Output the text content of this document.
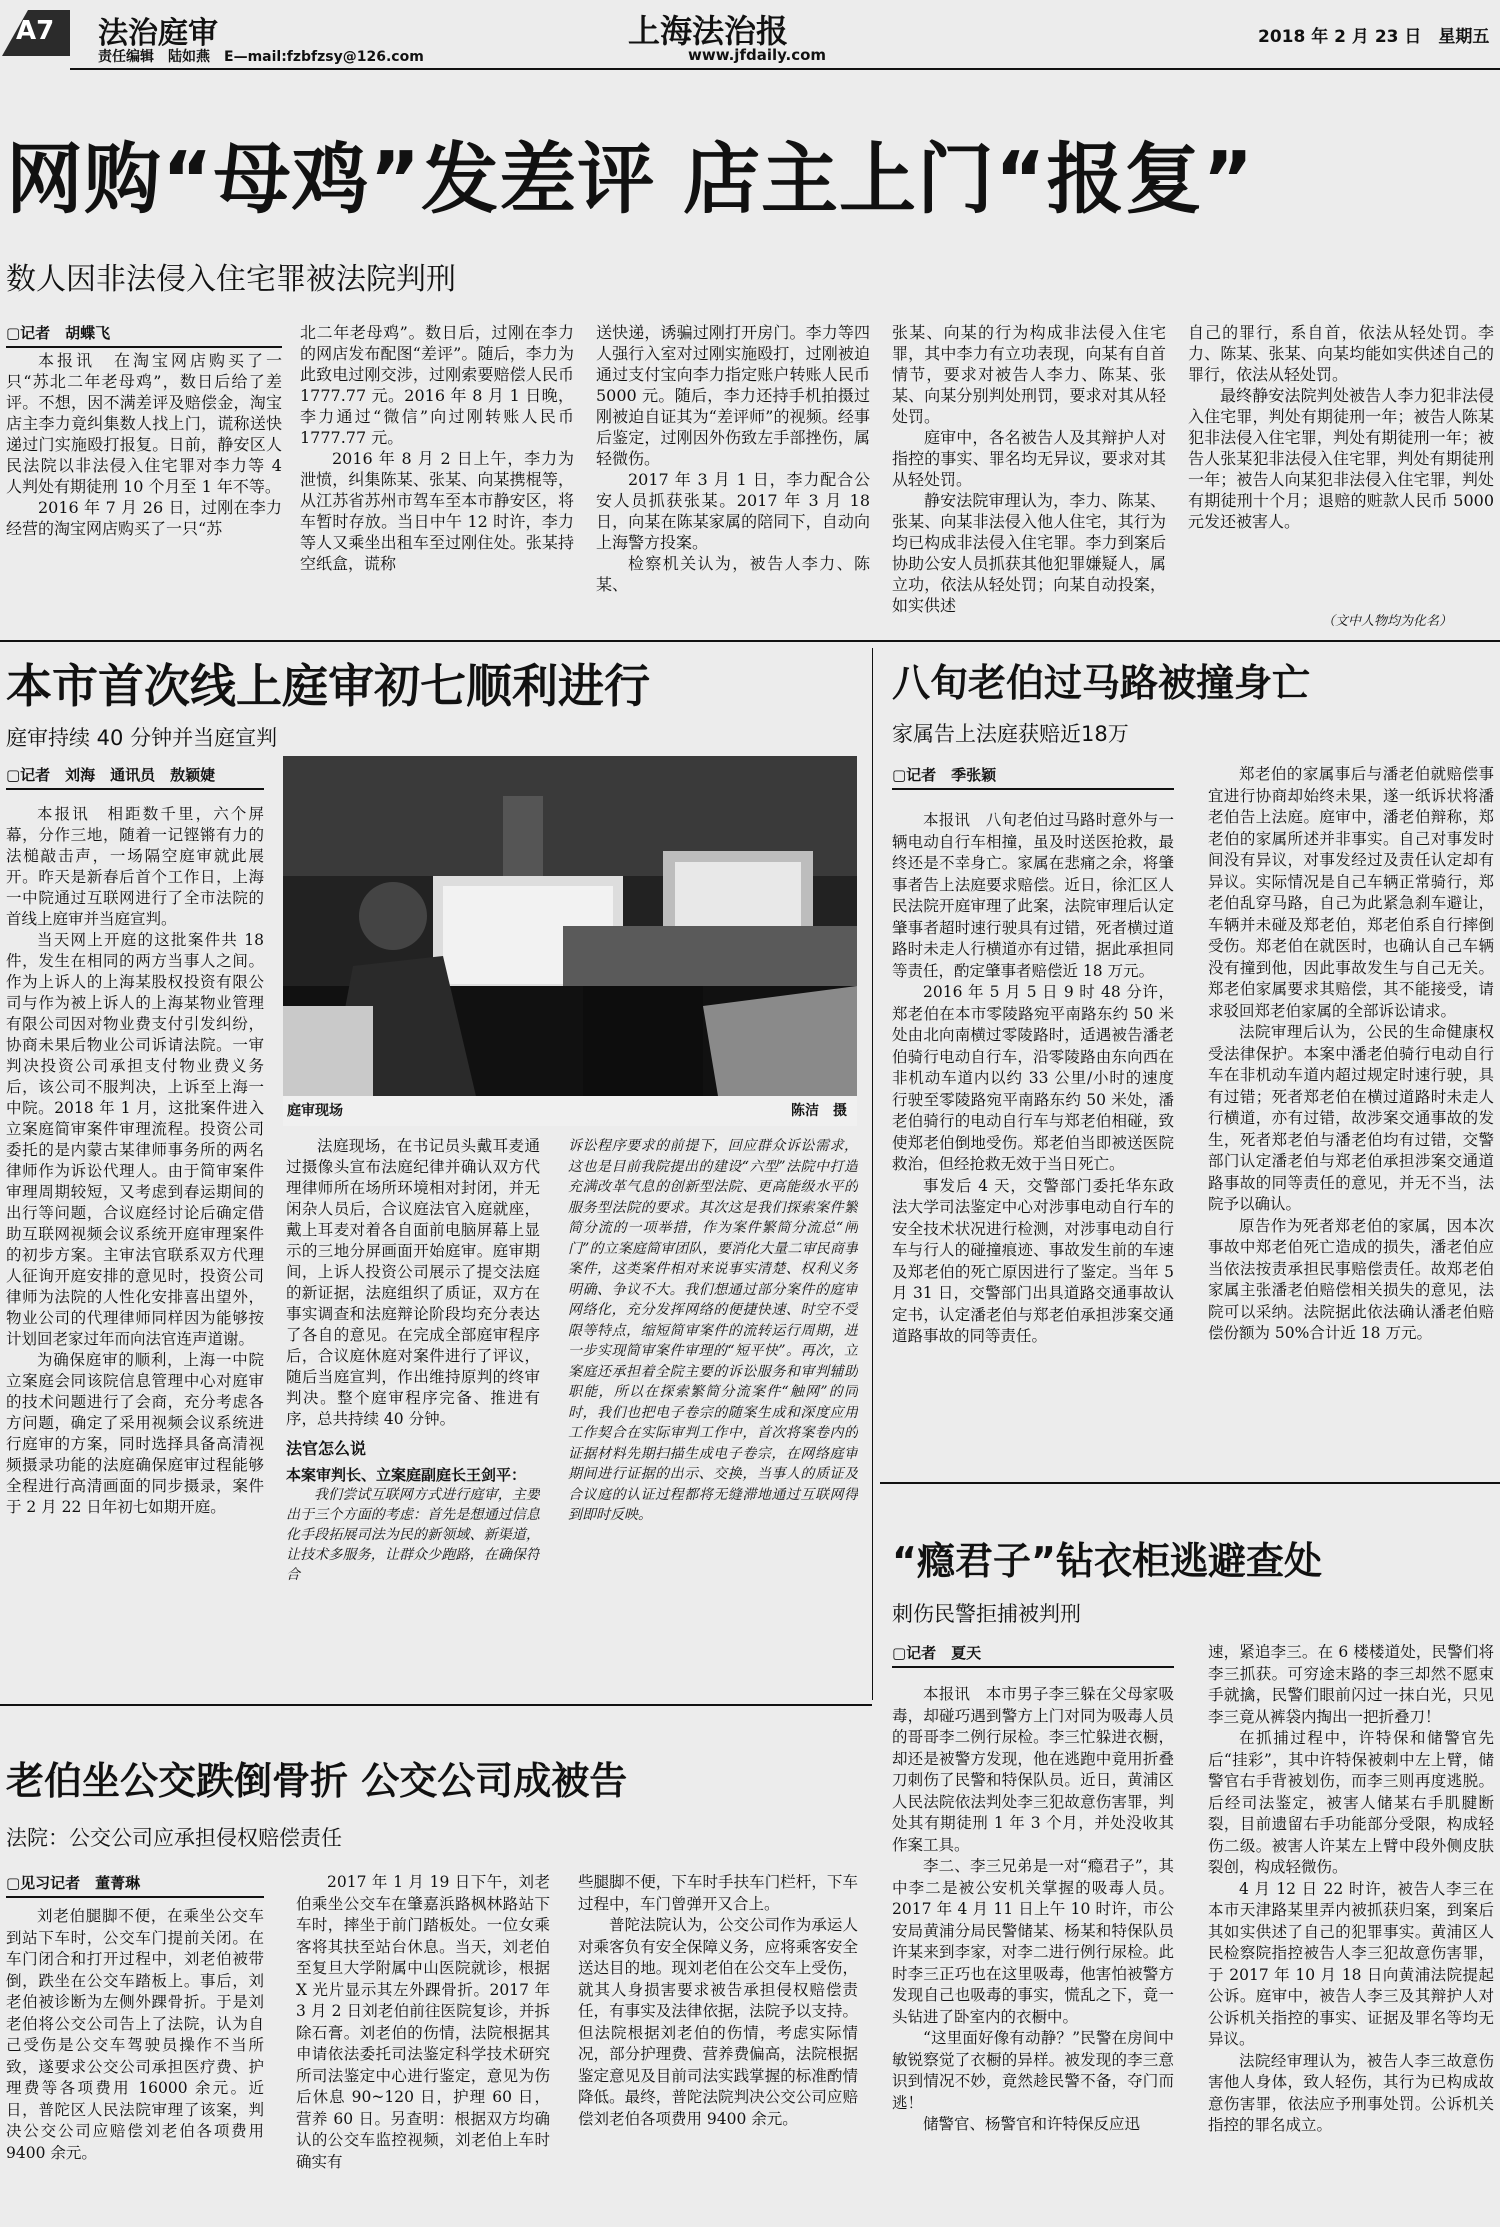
A7 法治庭审
责任编辑　陆如燕　E—mail:fzbfzsy@126.com
上海法治报
www.jfdaily.com
2018 年 2 月 23 日　星期五
网购“母鸡”发差评 店主上门“报复”
数人因非法侵入住宅罪被法院判刑
▢记者　胡蝶飞

本报讯　在淘宝网店购买了一只“苏北二年老母鸡”，数日后给了差评。不想，因不满差评及赔偿金，淘宝店主李力竟纠集数人找上门，谎称送快递过门实施殴打报复。日前，静安区人民法院以非法侵入住宅罪对李力等 4 人判处有期徒刑 10 个月至 1 年不等。

2016 年 7 月 26 日，过刚在李力经营的淘宝网店购买了一只“苏

北二年老母鸡”。数日后，过刚在李力的网店发布配图“差评”。随后，李力为此致电过刚交涉，过刚索要赔偿人民币 1777.77 元。2016 年 8 月 1 日晚，李力通过“微信”向过刚转账人民币 1777.77 元。

2016 年 8 月 2 日上午，李力为泄愤，纠集陈某、张某、向某携棍等，从江苏省苏州市驾车至本市静安区，将车暂时存放。当日中午 12 时许，李力等人又乘坐出租车至过刚住处。张某持空纸盒，谎称

送快递，诱骗过刚打开房门。李力等四人强行入室对过刚实施殴打，过刚被迫通过支付宝向李力指定账户转账人民币 5000 元。随后，李力还持手机拍摄过刚被迫自证其为“差评师”的视频。经事后鉴定，过刚因外伤致左手部挫伤，属轻微伤。

2017 年 3 月 1 日，李力配合公安人员抓获张某。2017 年 3 月 18 日，向某在陈某家属的陪同下，自动向上海警方投案。

检察机关认为，被告人李力、陈某、

张某、向某的行为构成非法侵入住宅罪，其中李力有立功表现，向某有自首情节，要求对被告人李力、陈某、张某、向某分别判处刑罚，要求对其从轻处罚。

庭审中，各名被告人及其辩护人对指控的事实、罪名均无异议，要求对其从轻处罚。

静安法院审理认为，李力、陈某、张某、向某非法侵入他人住宅，其行为均已构成非法侵入住宅罪。李力到案后协助公安人员抓获其他犯罪嫌疑人，属立功，依法从轻处罚；向某自动投案，如实供述

自己的罪行，系自首，依法从轻处罚。李力、陈某、张某、向某均能如实供述自己的罪行，依法从轻处罚。

最终静安法院判处被告人李力犯非法侵入住宅罪，判处有期徒刑一年；被告人陈某犯非法侵入住宅罪，判处有期徒刑一年；被告人张某犯非法侵入住宅罪，判处有期徒刑一年；被告人向某犯非法侵入住宅罪，判处有期徒刑十个月；退赔的赃款人民币 5000 元发还被害人。

（文中人物均为化名）
本市首次线上庭审初七顺利进行
庭审持续 40 分钟并当庭宣判
▢记者　刘海　通讯员　敖颖婕

本报讯　相距数千里，六个屏幕，分作三地，随着一记铿锵有力的法槌敲击声，一场隔空庭审就此展开。昨天是新春后首个工作日，上海一中院通过互联网进行了全市法院的首线上庭审并当庭宣判。

当天网上开庭的这批案件共 18 件，发生在相同的两方当事人之间。作为上诉人的上海某股权投资有限公司与作为被上诉人的上海某物业管理有限公司因对物业费支付引发纠纷，协商未果后物业公司诉请法院。一审判决投资公司承担支付物业费义务后，该公司不服判决，上诉至上海一中院。2018 年 1 月，这批案件进入立案庭简审案件审理流程。投资公司委托的是内蒙古某律师事务所的两名律师作为诉讼代理人。由于简审案件审理周期较短，又考虑到春运期间的出行等问题，合议庭经讨论后确定借助互联网视频会议系统开庭审理案件的初步方案。主审法官联系双方代理人征询开庭安排的意见时，投资公司律师为法院的人性化安排喜出望外，物业公司的代理律师同样因为能够按计划回老家过年而向法官连声道谢。

为确保庭审的顺利，上海一中院立案庭会同该院信息管理中心对庭审的技术问题进行了会商，充分考虑各方问题，确定了采用视频会议系统进行庭审的方案，同时选择具备高清视频摄录功能的法庭确保庭审过程能够全程进行高清画面的同步摄录，案件于 2 月 22 日年初七如期开庭。

庭审现场	陈洁　摄

法庭现场，在书记员头戴耳麦通过摄像头宣布法庭纪律并确认双方代理律师所在场所环境相对封闭，并无闲杂人员后，合议庭法官入庭就座，戴上耳麦对着各自面前电脑屏幕上显示的三地分屏画面开始庭审。庭审期间，上诉人投资公司展示了提交法庭的新证据，法庭组织了质证，双方在事实调查和法庭辩论阶段均充分表达了各自的意见。在完成全部庭审程序后，合议庭休庭对案件进行了评议，随后当庭宣判，作出维持原判的终审判决。整个庭审程序完备、推进有序，总共持续 40 分钟。

法官怎么说
本案审判长、立案庭副庭长王剑平：

我们尝试互联网方式进行庭审，主要出于三个方面的考虑：首先是想通过信息化手段拓展司法为民的新领域、新渠道，让技术多服务，让群众少跑路，在确保符合

诉讼程序要求的前提下，回应群众诉讼需求，这也是目前我院提出的建设“六型”法院中打造充满改革气息的创新型法院、更高能级水平的服务型法院的要求。其次这是我们探索案件繁简分流的一项举措，作为案件繁简分流总“闸门”的立案庭简审团队，要消化大量二审民商事案件，这类案件相对来说事实清楚、权利义务明确、争议不大。我们想通过部分案件的庭审网络化，充分发挥网络的便捷快速、时空不受限等特点，缩短简审案件的流转运行周期，进一步实现简审案件审理的“短平快”。再次，立案庭还承担着全院主要的诉讼服务和审判辅助职能，所以在探索繁简分流案件“触网”的同时，我们也把电子卷宗的随案生成和深度应用工作契合在实际审判工作中，首次将案卷内的证据材料先期扫描生成电子卷宗，在网络庭审期间进行证据的出示、交换，当事人的质证及合议庭的认证过程都将无缝滞地通过互联网得到即时反映。

八旬老伯过马路被撞身亡
家属告上法庭获赔近18万
▢记者　季张颖

本报讯　八旬老伯过马路时意外与一辆电动自行车相撞，虽及时送医抢救，最终还是不幸身亡。家属在悲痛之余，将肇事者告上法庭要求赔偿。近日，徐汇区人民法院开庭审理了此案，法院审理后认定肇事者超时速行驶具有过错，死者横过道路时未走人行横道亦有过错，据此承担同等责任，酌定肇事者赔偿近 18 万元。

2016 年 5 月 5 日 9 时 48 分许，郑老伯在本市零陵路宛平南路东约 50 米处由北向南横过零陵路时，适遇被告潘老伯骑行电动自行车，沿零陵路由东向西在非机动车道内以约 33 公里/小时的速度行驶至零陵路宛平南路东约 50 米处，潘老伯骑行的电动自行车与郑老伯相碰，致使郑老伯倒地受伤。郑老伯当即被送医院救治，但经抢救无效于当日死亡。

事发后 4 天，交警部门委托华东政法大学司法鉴定中心对涉事电动自行车的安全技术状况进行检测，对涉事电动自行车与行人的碰撞痕迹、事故发生前的车速及郑老伯的死亡原因进行了鉴定。当年 5 月 31 日，交警部门出具道路交通事故认定书，认定潘老伯与郑老伯承担涉案交通道路事故的同等责任。

郑老伯的家属事后与潘老伯就赔偿事宜进行协商却始终未果，遂一纸诉状将潘老伯告上法庭。庭审中，潘老伯辩称，郑老伯的家属所述并非事实。自己对事发时间没有异议，对事发经过及责任认定却有异议。实际情况是自己车辆正常骑行，郑老伯乱穿马路，自己为此紧急刹车避让，车辆并未碰及郑老伯，郑老伯系自行摔倒受伤。郑老伯在就医时，也确认自己车辆没有撞到他，因此事故发生与自己无关。郑老伯家属要求其赔偿，其不能接受，请求驳回郑老伯家属的全部诉讼请求。

法院审理后认为，公民的生命健康权受法律保护。本案中潘老伯骑行电动自行车在非机动车道内超过规定时速行驶，具有过错；死者郑老伯在横过道路时未走人行横道，亦有过错，故涉案交通事故的发生，死者郑老伯与潘老伯均有过错，交警部门认定潘老伯与郑老伯承担涉案交通道路事故的同等责任的意见，并无不当，法院予以确认。

原告作为死者郑老伯的家属，因本次事故中郑老伯死亡造成的损失，潘老伯应当依法按责承担民事赔偿责任。故郑老伯家属主张潘老伯赔偿相关损失的意见，法院可以采纳。法院据此依法确认潘老伯赔偿份额为 50%合计近 18 万元。

“瘾君子”钻衣柜逃避查处
刺伤民警拒捕被判刑
▢记者　夏天

本报讯　本市男子李三躲在父母家吸毒，却碰巧遇到警方上门对同为吸毒人员的哥哥李二例行尿检。李三忙躲进衣橱，却还是被警方发现，他在逃跑中竟用折叠刀刺伤了民警和特保队员。近日，黄浦区人民法院依法判处李三犯故意伤害罪，判处其有期徒刑 1 年 3 个月，并处没收其作案工具。

李二、李三兄弟是一对“瘾君子”，其中李二是被公安机关掌握的吸毒人员。2017 年 4 月 11 日上午 10 时许，市公安局黄浦分局民警储某、杨某和特保队员许某来到李家，对李二进行例行尿检。此时李三正巧也在这里吸毒，他害怕被警方发现自己也吸毒的事实，慌乱之下，竟一头钻进了卧室内的衣橱中。

“这里面好像有动静？”民警在房间中敏锐察觉了衣橱的异样。被发现的李三意识到情况不妙，竟然趁民警不备，夺门而逃！

储警官、杨警官和许特保反应迅

速，紧追李三。在 6 楼楼道处，民警们将李三抓获。可穷途末路的李三却然不愿束手就擒，民警们眼前闪过一抹白光，只见李三竟从裤袋内掏出一把折叠刀！

在抓捕过程中，许特保和储警官先后“挂彩”，其中许特保被刺中左上臂，储警官右手背被划伤，而李三则再度逃脱。后经司法鉴定，被害人储某右手肌腱断裂，目前遗留右手功能部分受限，构成轻伤二级。被害人许某左上臂中段外侧皮肤裂创，构成轻微伤。

4 月 12 日 22 时许，被告人李三在本市天津路某里弄内被抓获归案，到案后其如实供述了自己的犯罪事实。黄浦区人民检察院指控被告人李三犯故意伤害罪，于 2017 年 10 月 18 日向黄浦法院提起公诉。庭审中，被告人李三及其辩护人对公诉机关指控的事实、证据及罪名等均无异议。

法院经审理认为，被告人李三故意伤害他人身体，致人轻伤，其行为已构成故意伤害罪，依法应予刑事处罚。公诉机关指控的罪名成立。

老伯坐公交跌倒骨折 公交公司成被告
法院：公交公司应承担侵权赔偿责任
▢见习记者　董菁琳

刘老伯腿脚不便，在乘坐公交车到站下车时，公交车门提前关闭。在车门闭合和打开过程中，刘老伯被带倒，跌坐在公交车踏板上。事后，刘老伯被诊断为左侧外踝骨折。于是刘老伯将公交公司告上了法院，认为自己受伤是公交车驾驶员操作不当所致，遂要求公交公司承担医疗费、护理费等各项费用 16000 余元。近日，普陀区人民法院审理了该案，判决公交公司应赔偿刘老伯各项费用 9400 余元。

2017 年 1 月 19 日下午，刘老伯乘坐公交车在肇嘉浜路枫林路站下车时，摔坐于前门踏板处。一位女乘客将其扶至站台休息。当天，刘老伯至复旦大学附属中山医院就诊，根据 X 光片显示其左外踝骨折。2017 年 3 月 2 日刘老伯前往医院复诊，并拆除石膏。刘老伯的伤情，法院根据其申请依法委托司法鉴定科学技术研究所司法鉴定中心进行鉴定，意见为伤后休息 90~120 日，护理 60 日，营养 60 日。另查明：根据双方均确认的公交车监控视频，刘老伯上车时确实有

些腿脚不便，下车时手扶车门栏杆，下车过程中，车门曾弹开又合上。

普陀法院认为，公交公司作为承运人对乘客负有安全保障义务，应将乘客安全送达目的地。现刘老伯在公交车上受伤，就其人身损害要求被告承担侵权赔偿责任，有事实及法律依据，法院予以支持。但法院根据刘老伯的伤情，考虑实际情况，部分护理费、营养费偏高，法院根据鉴定意见及目前司法实践掌握的标准酌情降低。最终，普陀法院判决公交公司应赔偿刘老伯各项费用 9400 余元。
